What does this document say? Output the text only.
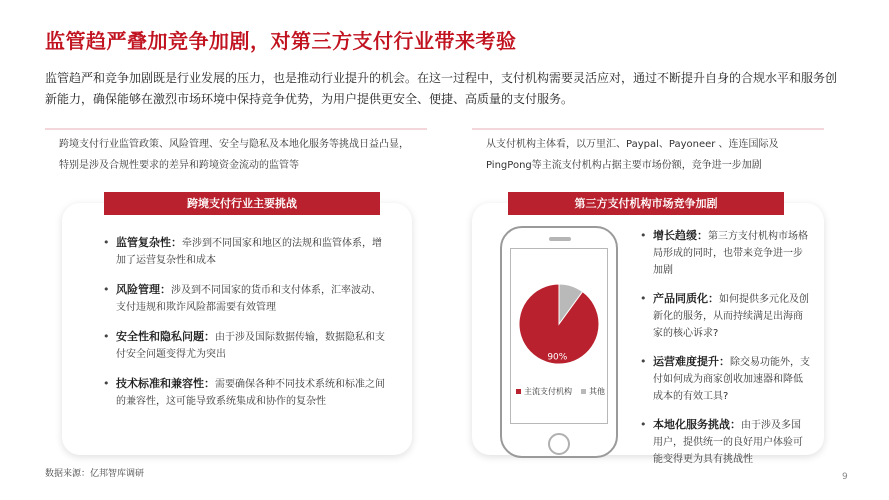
监管趋严叠加竞争加剧，对第三方支付行业带来考验
监管趋严和竞争加剧既是行业发展的压力，也是推动行业提升的机会。在这一过程中，支付机构需要灵活应对，通过不断提升自身的合规水平和服务创新能力，确保能够在激烈市场环境中保持竞争优势，为用户提供更安全、便捷、高质量的支付服务。
跨境支付行业监管政策、风险管理、安全与隐私及本地化服务等挑战日益凸显，特别是涉及合规性要求的差异和跨境资金流动的监管等
从支付机构主体看，以万里汇、Paypal、Payoneer 、连连国际及PingPong等主流支付机构占据主要市场份额，竞争进一步加剧
跨境支付行业主要挑战	第三方支付机构市场竞争加剧
• 监管复杂性：牵涉到不同国家和地区的法规和监管体系，增加了运营复杂性和成本
• 风险管理：涉及到不同国家的货币和支付体系，汇率波动、支付违规和欺诈风险都需要有效管理
• 安全性和隐私问题：由于涉及国际数据传输，数据隐私和支付安全问题变得尤为突出
• 技术标准和兼容性：需要确保各种不同技术系统和标准之间的兼容性，这可能导致系统集成和协作的复杂性
90%
主流支付机构	其他
• 增长趋缓：第三方支付机构市场格局形成的同时，也带来竞争进一步加剧
• 产品同质化：如何提供多元化及创新化的服务，从而持续满足出海商家的核心诉求?
• 运营难度提升：除交易功能外，支付如何成为商家创收加速器和降低成本的有效工具?
• 本地化服务挑战：由于涉及多国用户，提供统一的良好用户体验可能变得更为具有挑战性
数据来源：亿邦智库调研	9
